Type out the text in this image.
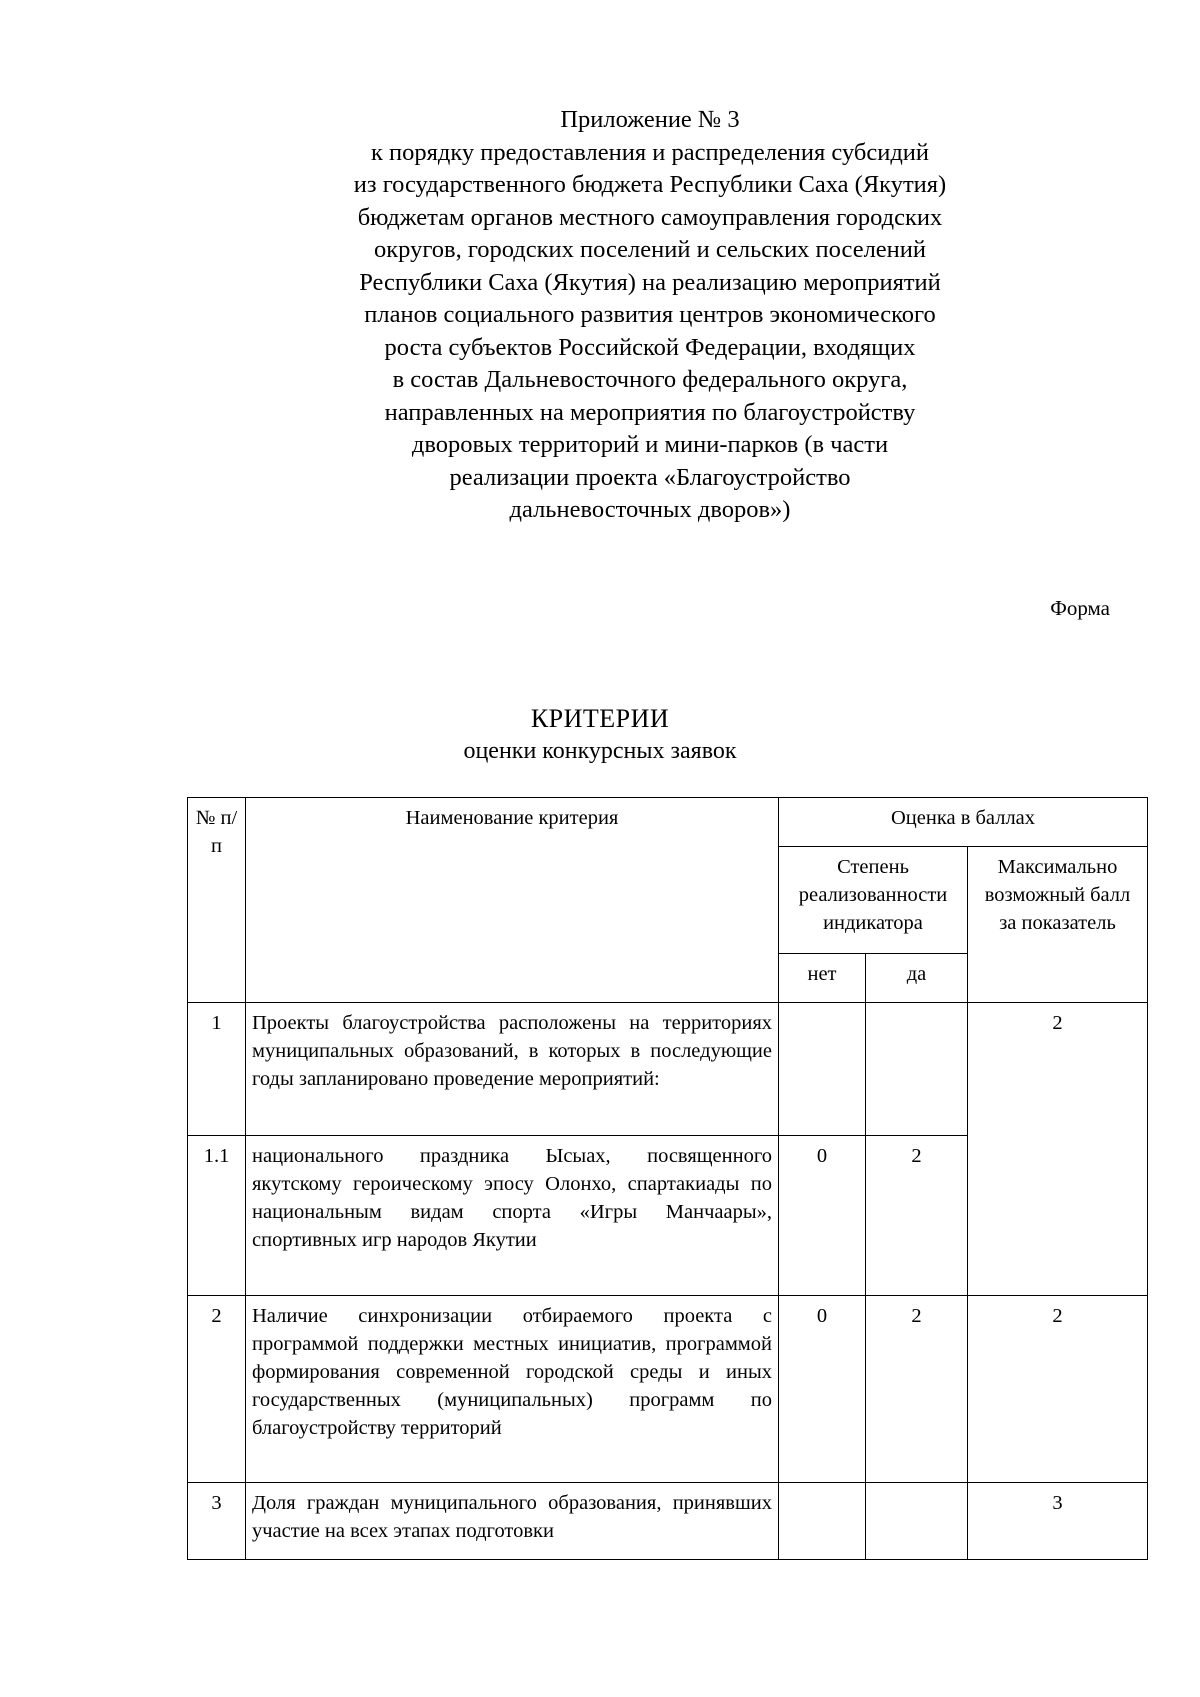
Приложение № 3
к порядку предоставления и распределения субсидий
из государственного бюджета Республики Саха (Якутия)
бюджетам органов местного самоуправления городских
округов, городских поселений и сельских поселений
Республики Саха (Якутия) на реализацию мероприятий
планов социального развития центров экономического
роста субъектов Российской Федерации, входящих
в состав Дальневосточного федерального округа,
направленных на мероприятия по благоустройству
дворовых территорий и мини-парков (в части
реализации проекта «Благоустройство
дальневосточных дворов»)
Форма
КРИТЕРИИ
оценки конкурсных заявок
№ п/п	Наименование критерия	Оценка в баллах		
		Степень реализованности индикатора		Максимально возможный балл за показатель
		нет	да	
1	Проекты благоустройства расположены на территориях муниципальных образований, в которых в последующие годы запланировано проведение мероприятий:			2
1.1	национального праздника Ысыах, посвященного якутскому героическому эпосу Олонхо, спартакиады по национальным видам спорта «Игры Манчаары», спортивных игр народов Якутии	0	2	
2	Наличие синхронизации отбираемого проекта с программой поддержки местных инициатив, программой формирования современной городской среды и иных государственных (муниципальных) программ по благоустройству территорий	0	2	2
3	Доля граждан муниципального образования, принявших участие на всех этапах подготовки			3
